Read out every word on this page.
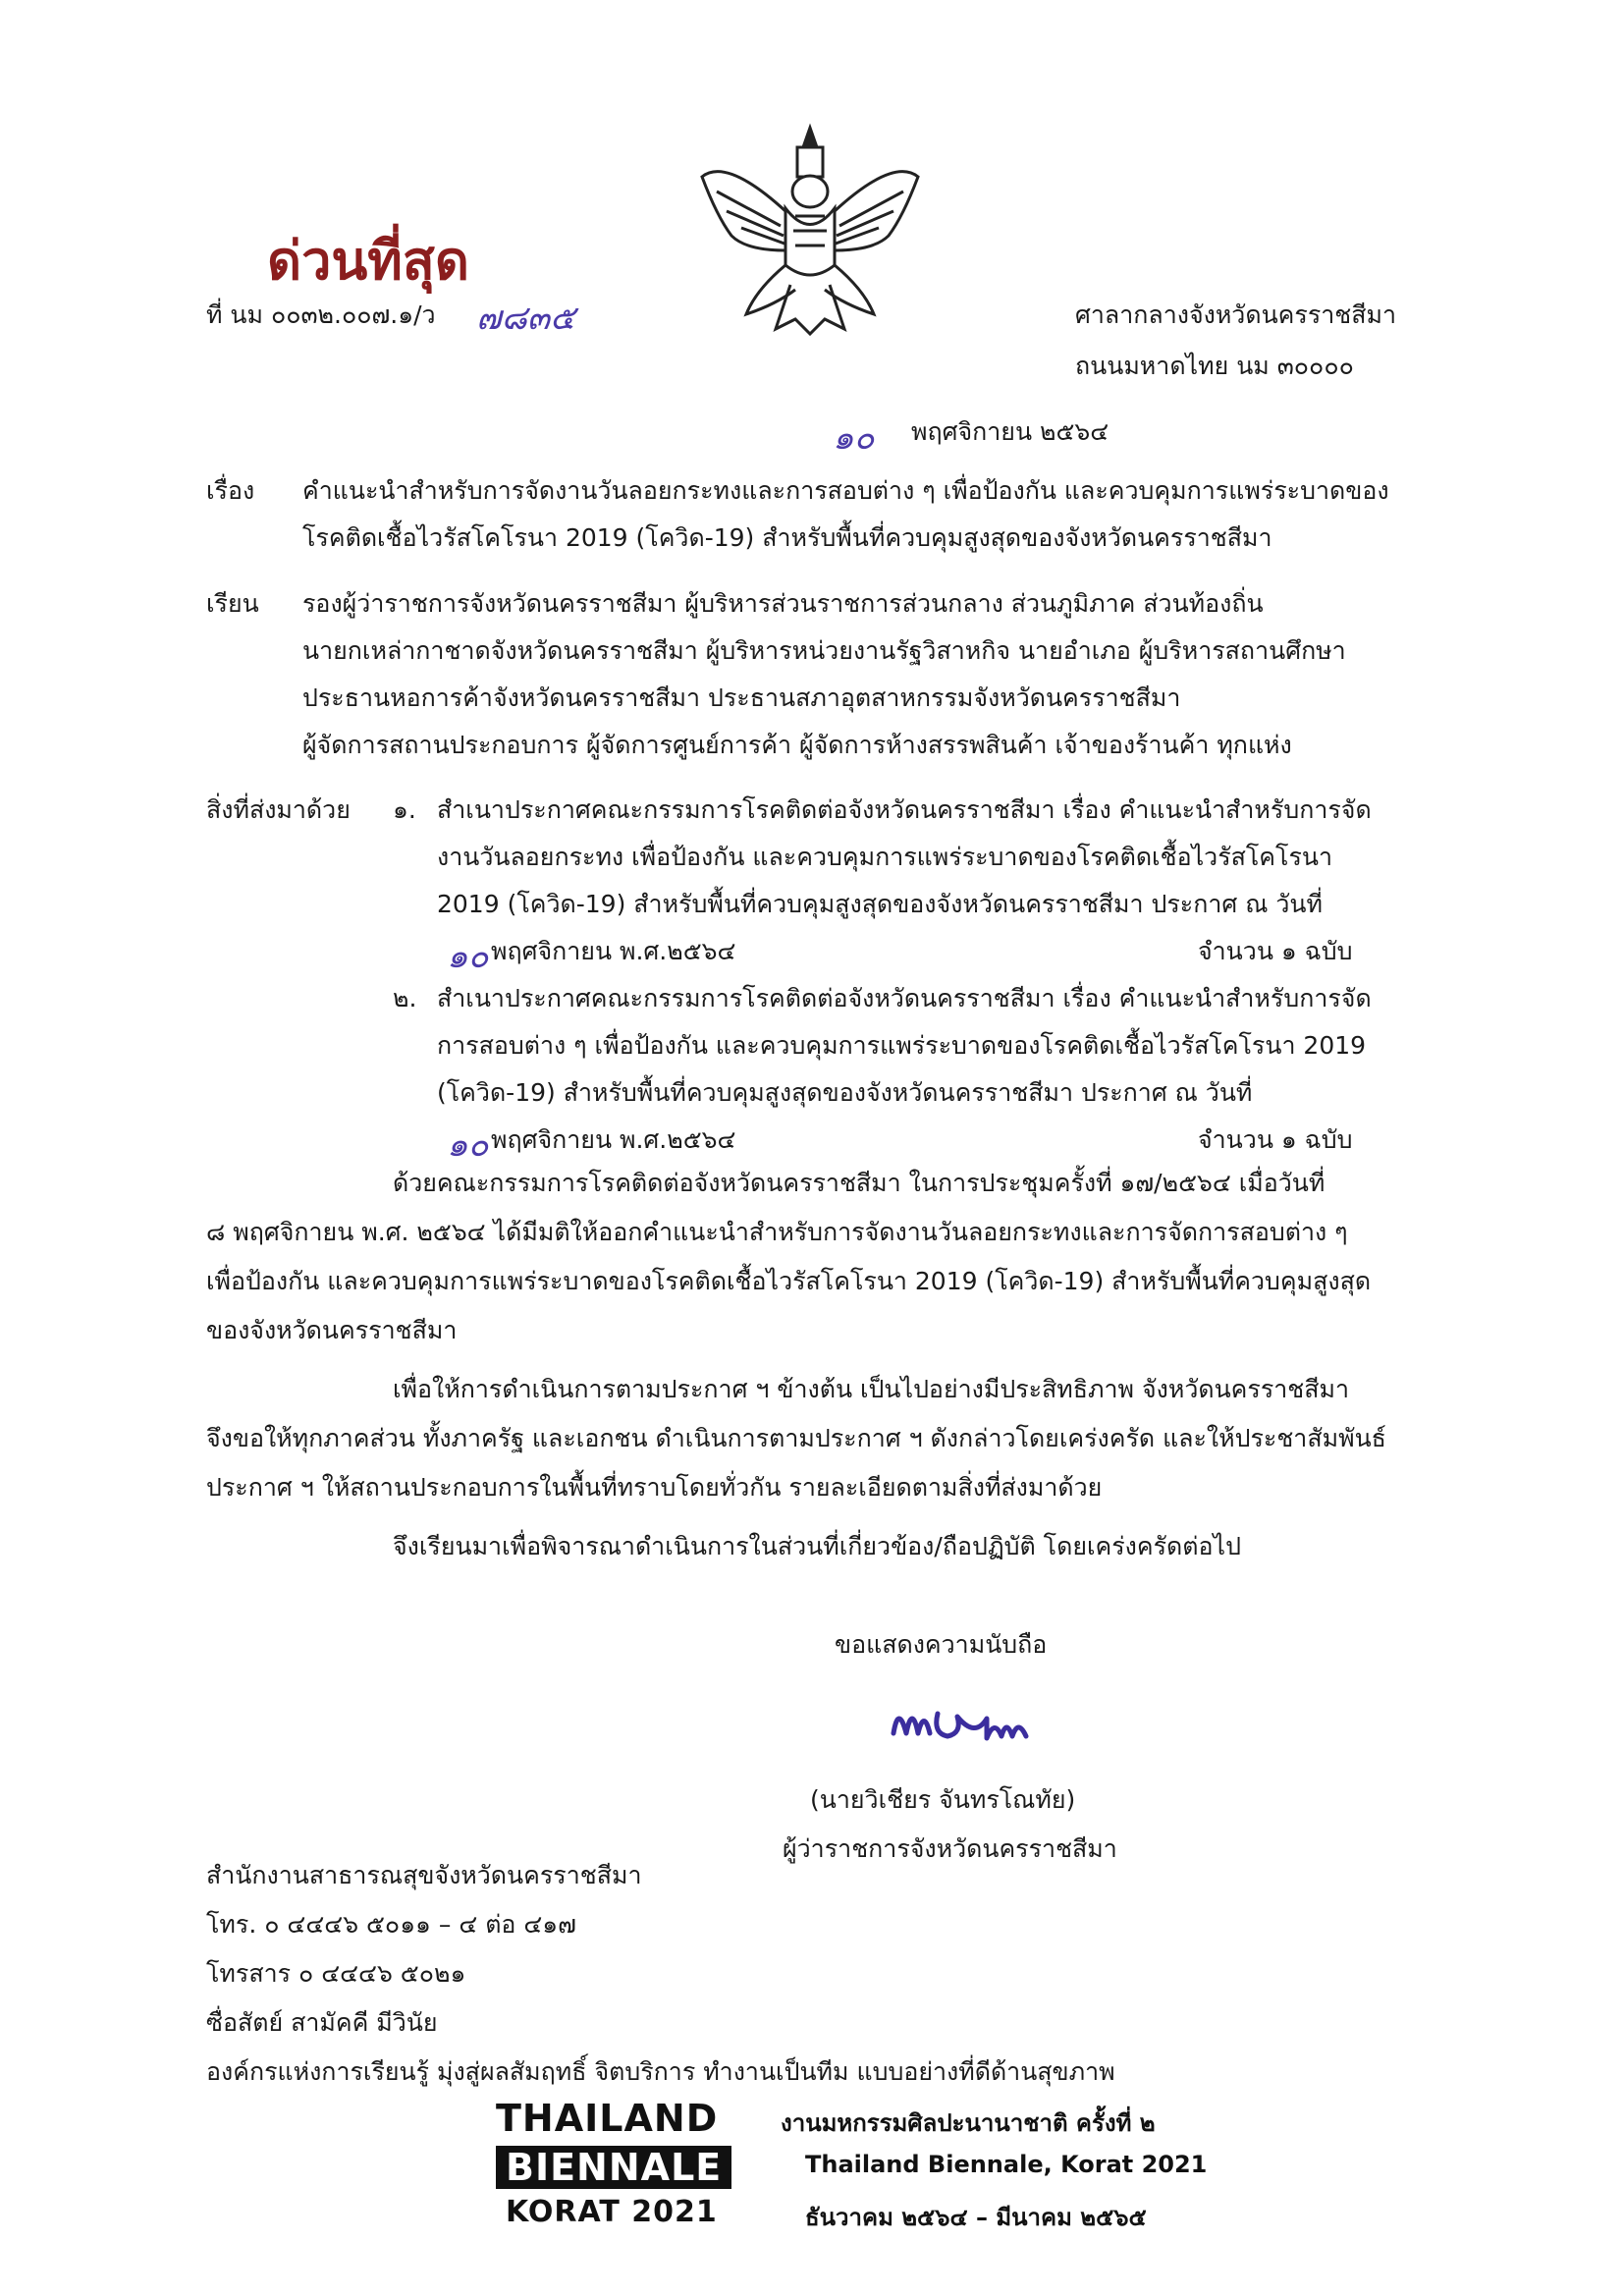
ด่วนที่สุด
ที่ นม ๐๐๓๒.๐๐๗.๑/ว ๗๘๓๕	ศาลากลางจังหวัดนครราชสีมา
ถนนมหาดไทย นม ๓๐๐๐๐
๑๐ พฤศจิกายน ๒๕๖๔
เรื่อง คำแนะนำสำหรับการจัดงานวันลอยกระทงและการสอบต่าง ๆ เพื่อป้องกัน และควบคุมการแพร่ระบาดของ
โรคติดเชื้อไวรัสโคโรนา 2019 (โควิด-19) สำหรับพื้นที่ควบคุมสูงสุดของจังหวัดนครราชสีมา
เรียน รองผู้ว่าราชการจังหวัดนครราชสีมา ผู้บริหารส่วนราชการส่วนกลาง ส่วนภูมิภาค ส่วนท้องถิ่น
นายกเหล่ากาชาดจังหวัดนครราชสีมา ผู้บริหารหน่วยงานรัฐวิสาหกิจ นายอำเภอ ผู้บริหารสถานศึกษา
ประธานหอการค้าจังหวัดนครราชสีมา ประธานสภาอุตสาหกรรมจังหวัดนครราชสีมา
ผู้จัดการสถานประกอบการ ผู้จัดการศูนย์การค้า ผู้จัดการห้างสรรพสินค้า เจ้าของร้านค้า ทุกแห่ง
สิ่งที่ส่งมาด้วย ๑. สำเนาประกาศคณะกรรมการโรคติดต่อจังหวัดนครราชสีมา เรื่อง คำแนะนำสำหรับการจัด
งานวันลอยกระทง เพื่อป้องกัน และควบคุมการแพร่ระบาดของโรคติดเชื้อไวรัสโคโรนา
2019 (โควิด-19) สำหรับพื้นที่ควบคุมสูงสุดของจังหวัดนครราชสีมา ประกาศ ณ วันที่
๑๐ พฤศจิกายน พ.ศ.๒๕๖๔	จำนวน ๑ ฉบับ
๒. สำเนาประกาศคณะกรรมการโรคติดต่อจังหวัดนครราชสีมา เรื่อง คำแนะนำสำหรับการจัด
การสอบต่าง ๆ เพื่อป้องกัน และควบคุมการแพร่ระบาดของโรคติดเชื้อไวรัสโคโรนา 2019
(โควิด-19) สำหรับพื้นที่ควบคุมสูงสุดของจังหวัดนครราชสีมา ประกาศ ณ วันที่
๑๐ พฤศจิกายน พ.ศ.๒๕๖๔	จำนวน ๑ ฉบับ
ด้วยคณะกรรมการโรคติดต่อจังหวัดนครราชสีมา ในการประชุมครั้งที่ ๑๗/๒๕๖๔ เมื่อวันที่
๘ พฤศจิกายน พ.ศ. ๒๕๖๔ ได้มีมติให้ออกคำแนะนำสำหรับการจัดงานวันลอยกระทงและการจัดการสอบต่าง ๆ
เพื่อป้องกัน และควบคุมการแพร่ระบาดของโรคติดเชื้อไวรัสโคโรนา 2019 (โควิด-19) สำหรับพื้นที่ควบคุมสูงสุด
ของจังหวัดนครราชสีมา
เพื่อให้การดำเนินการตามประกาศ ฯ ข้างต้น เป็นไปอย่างมีประสิทธิภาพ จังหวัดนครราชสีมา
จึงขอให้ทุกภาคส่วน ทั้งภาครัฐ และเอกชน ดำเนินการตามประกาศ ฯ ดังกล่าวโดยเคร่งครัด และให้ประชาสัมพันธ์
ประกาศ ฯ ให้สถานประกอบการในพื้นที่ทราบโดยทั่วกัน รายละเอียดตามสิ่งที่ส่งมาด้วย
จึงเรียนมาเพื่อพิจารณาดำเนินการในส่วนที่เกี่ยวข้อง/ถือปฏิบัติ โดยเคร่งครัดต่อไป
ขอแสดงความนับถือ
(นายวิเชียร จันทรโณทัย)
ผู้ว่าราชการจังหวัดนครราชสีมา
สำนักงานสาธารณสุขจังหวัดนครราชสีมา
โทร. ๐ ๔๔๔๖ ๕๐๑๑ – ๔ ต่อ ๔๑๗
โทรสาร ๐ ๔๔๔๖ ๕๐๒๑
ซื่อสัตย์ สามัคคี มีวินัย
องค์กรแห่งการเรียนรู้ มุ่งสู่ผลสัมฤทธิ์ จิตบริการ ทำงานเป็นทีม แบบอย่างที่ดีด้านสุขภาพ
THAILAND
BIENNALE
KORAT 2021
งานมหกรรมศิลปะนานาชาติ ครั้งที่ ๒
Thailand Biennale, Korat 2021
ธันวาคม ๒๕๖๔ – มีนาคม ๒๕๖๕
